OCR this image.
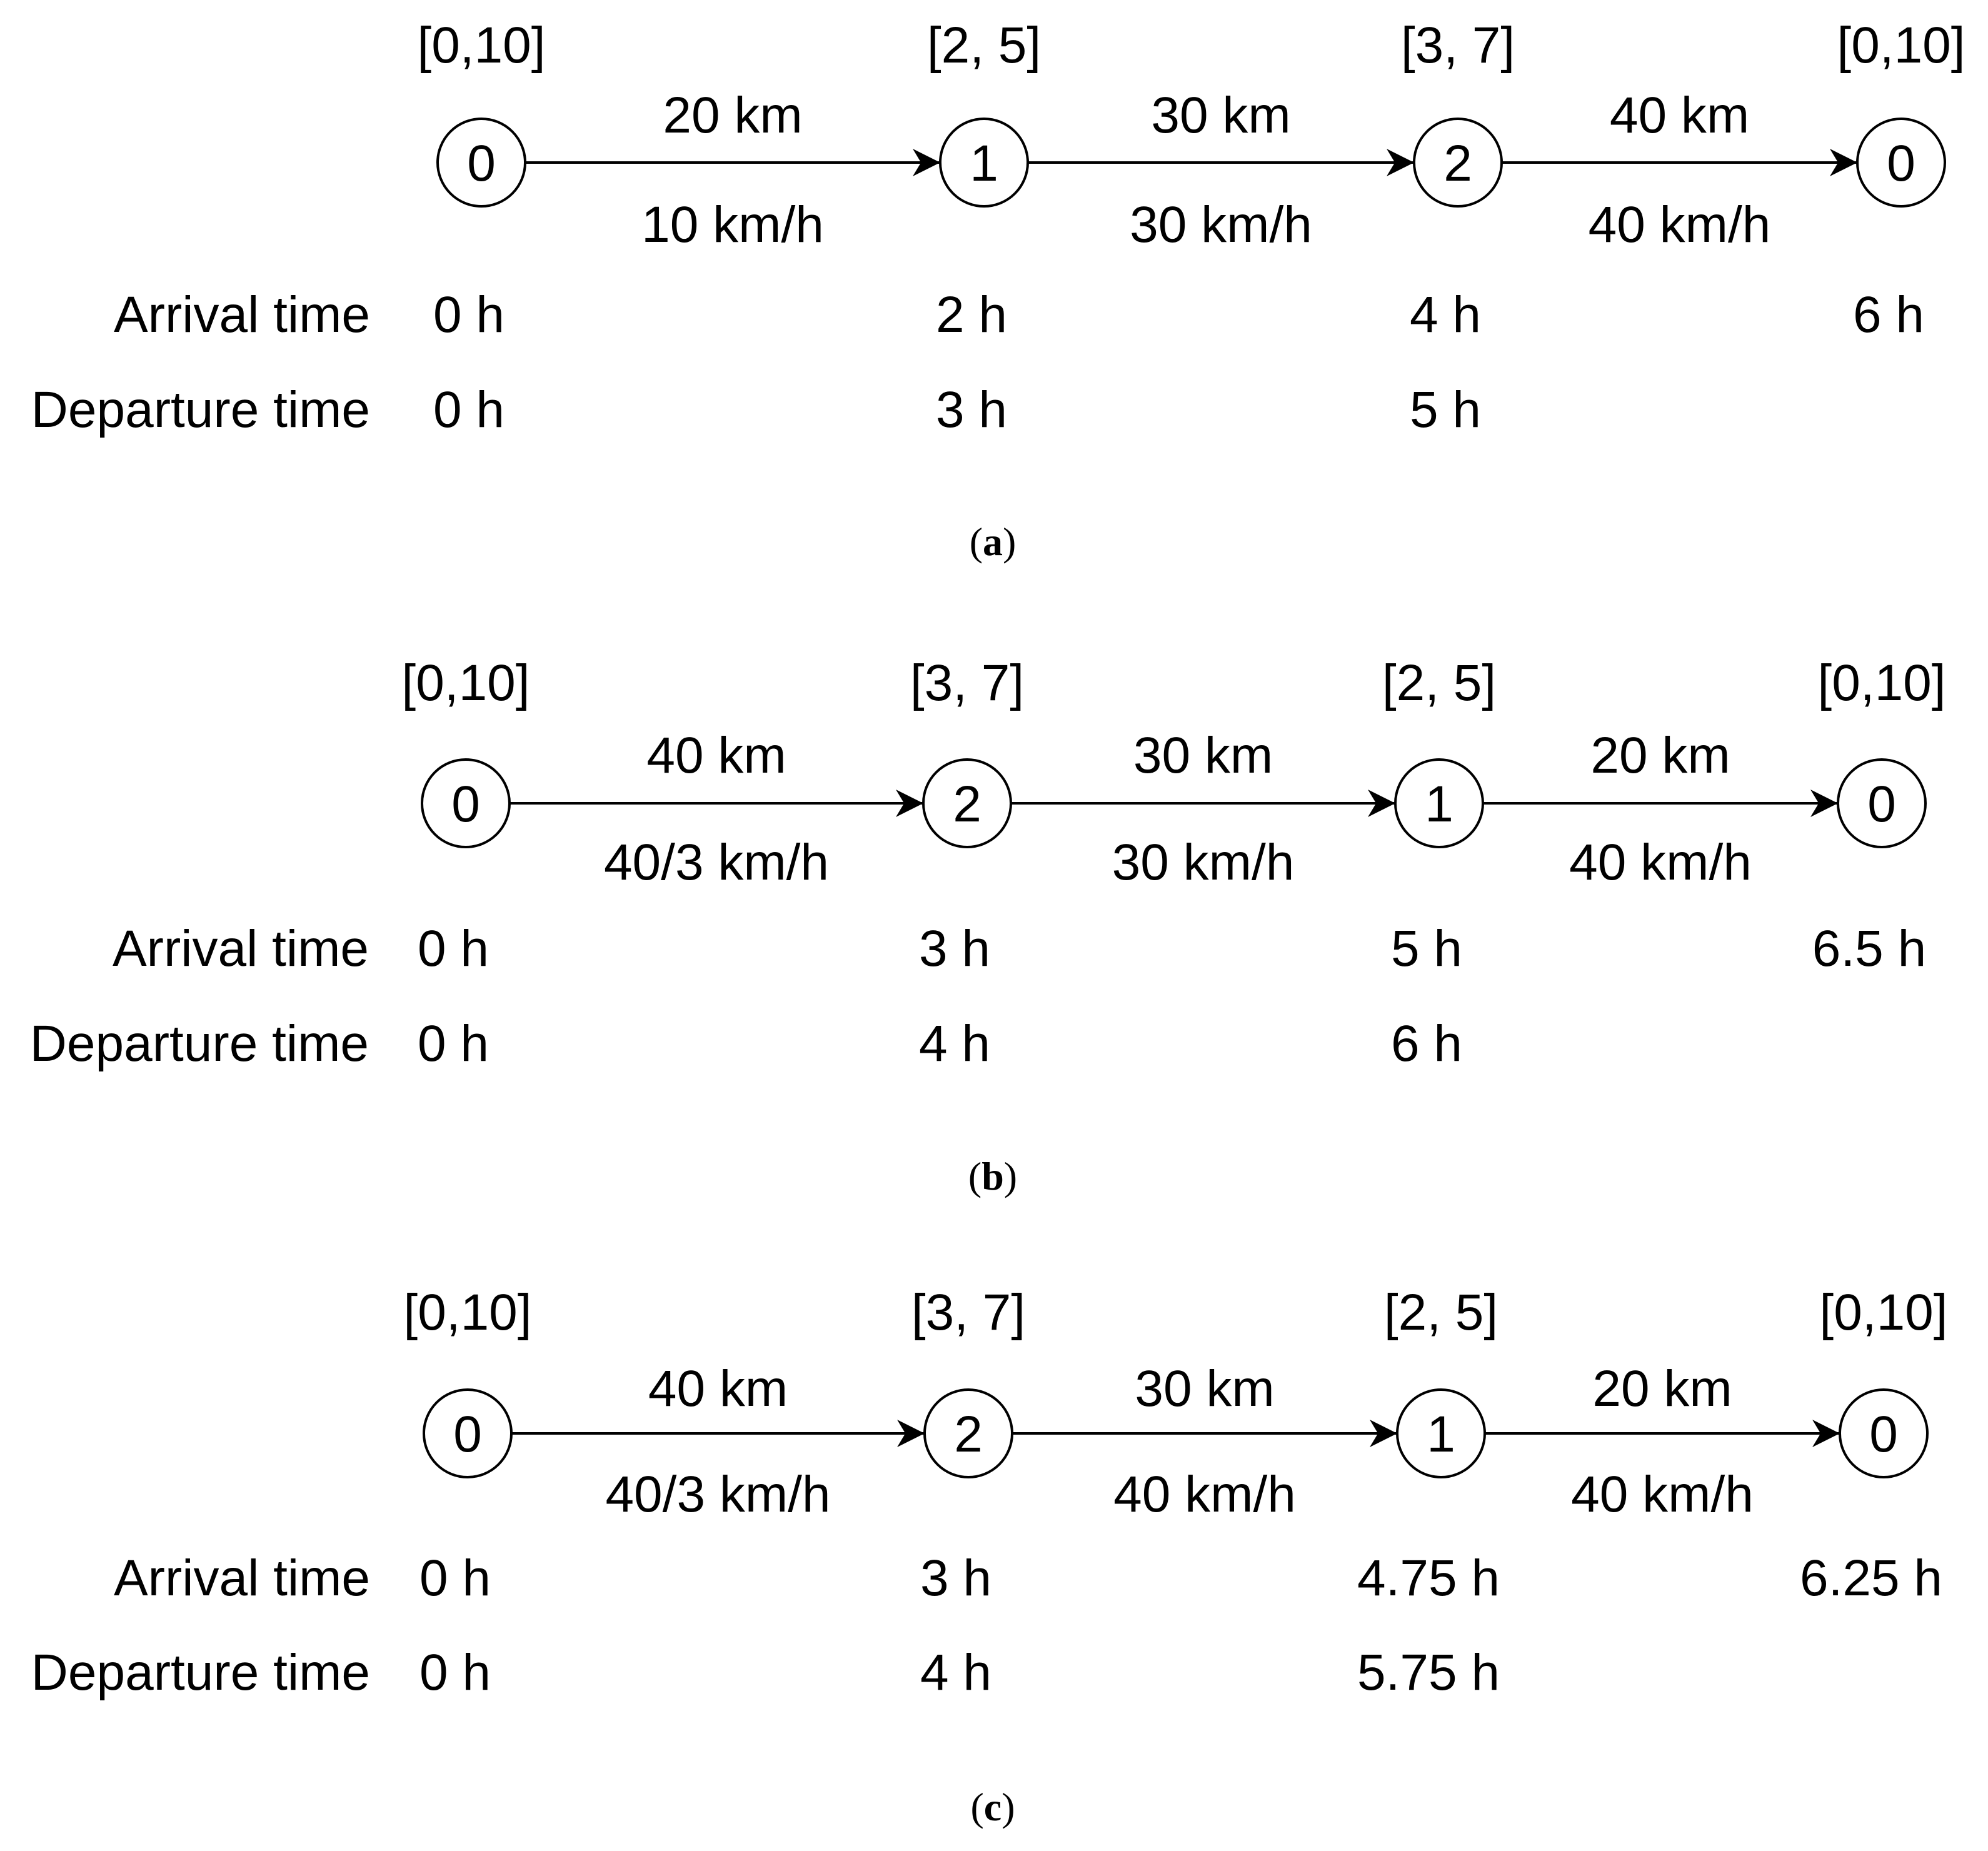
Arrival time
Departure time
20 km
10 km/h
30 km
30 km/h
40 km
40 km/h
0
[0,10]
0 h
0 h
1
[2, 5]
2 h
3 h
2
[3, 7]
4 h
5 h
0
[0,10]
6 h
(a)
Arrival time
Departure time
40 km
40/3 km/h
30 km
30 km/h
20 km
40 km/h
0
[0,10]
0 h
0 h
2
[3, 7]
3 h
4 h
1
[2, 5]
5 h
6 h
0
[0,10]
6.5 h
(b)
Arrival time
Departure time
40 km
40/3 km/h
30 km
40 km/h
20 km
40 km/h
0
[0,10]
0 h
0 h
2
[3, 7]
3 h
4 h
1
[2, 5]
4.75 h
5.75 h
0
[0,10]
6.25 h
(c)
